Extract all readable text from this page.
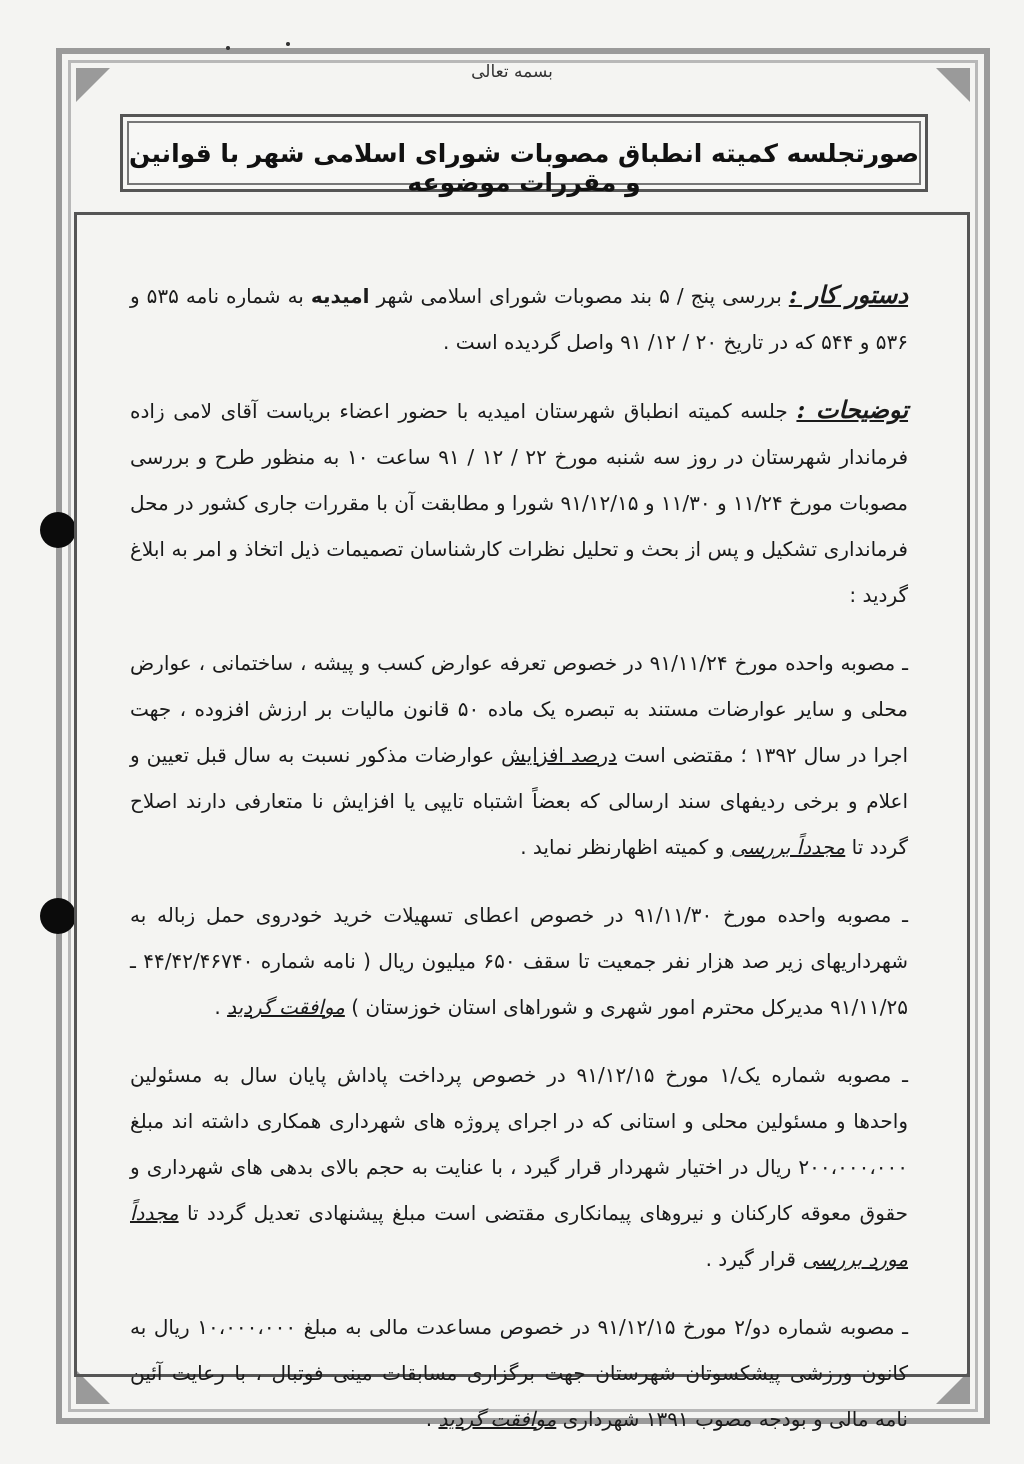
بسمه تعالی
صورتجلسه کمیته انطباق مصوبات شورای اسلامی شهر با قوانین و مقررات موضوعه

دستور کار : بررسی پنج / ۵ بند مصوبات شورای اسلامی شهر امیدیه به شماره نامه ۵۳۵ و ۵۳۶ و ۵۴۴ که در تاریخ ۲۰ / ۱۲/ ۹۱ واصل گردیده است .

توضیحات : جلسه کمیته انطباق شهرستان امیدیه با حضور اعضاء بریاست آقای لامی زاده فرماندار شهرستان در روز سه شنبه مورخ ۲۲ / ۱۲ / ۹۱ ساعت ۱۰ به منظور طرح و بررسی مصوبات مورخ ۱۱/۲۴ و ۱۱/۳۰ و ۹۱/۱۲/۱۵ شورا و مطابقت آن با مقررات جاری کشور در محل فرمانداری تشکیل و پس از بحث و تحلیل نظرات کارشناسان تصمیمات ذیل اتخاذ و امر به ابلاغ گردید :

ـ مصوبه واحده مورخ ۹۱/۱۱/۲۴ در خصوص تعرفه عوارض کسب و پیشه ، ساختمانی ، عوارض محلی و سایر عوارضات مستند به تبصره یک ماده ۵۰ قانون مالیات بر ارزش افزوده ، جهت اجرا در سال ۱۳۹۲ ؛ مقتضی است درصد افزایش عوارضات مذکور نسبت به سال قبل تعیین و اعلام و برخی ردیفهای سند ارسالی که بعضاً اشتباه تایپی یا افزایش نا متعارفی دارند اصلاح گردد تا مجدداً بررسی و کمیته اظهارنظر نماید .

ـ مصوبه واحده مورخ ۹۱/۱۱/۳۰ در خصوص اعطای تسهیلات خرید خودروی حمل زباله به شهرداریهای زیر صد هزار نفر جمعیت تا سقف ۶۵۰ میلیون ریال ( نامه شماره ۴۴/۴۲/۴۶۷۴۰ ـ ۹۱/۱۱/۲۵ مدیرکل محترم امور شهری و شوراهای استان خوزستان ) موافقت گردید .

ـ مصوبه شماره یک/۱ مورخ ۹۱/۱۲/۱۵ در خصوص پرداخت پاداش پایان سال به مسئولین واحدها و مسئولین محلی و استانی که در اجرای پروژه های شهرداری همکاری داشته اند مبلغ ۲۰۰،۰۰۰،۰۰۰ ریال در اختیار شهردار قرار گیرد ، با عنایت به حجم بالای بدهی های شهرداری و حقوق معوقه کارکنان و نیروهای پیمانکاری مقتضی است مبلغ پیشنهادی تعدیل گردد تا مجدداً مورد بررسی قرار گیرد .

ـ مصوبه شماره دو/۲ مورخ ۹۱/۱۲/۱۵ در خصوص مساعدت مالی به مبلغ ۱۰،۰۰۰،۰۰۰ ریال به کانون ورزشی پیشکسوتان شهرستان جهت برگزاری مسابقات مینی فوتبال ، با رعایت آئین نامه مالی و بودجه مصوب ۱۳۹۱ شهرداری موافقت گردید .
